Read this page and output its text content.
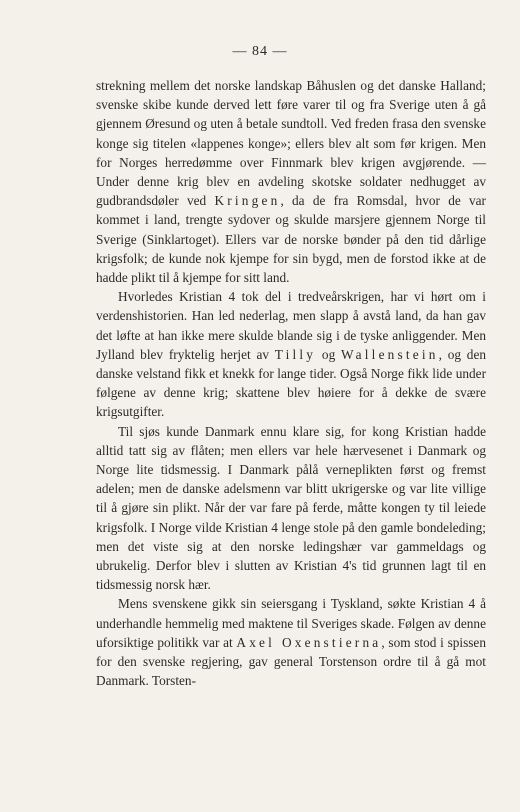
— 84 —

strekning mellem det norske landskap Båhuslen og det danske Halland; svenske skibe kunde derved lett føre varer til og fra Sverige uten å gå gjennem Øresund og uten å betale sundtoll. Ved freden frasa den svenske konge sig titelen «lappenes konge»; ellers blev alt som før krigen. Men for Norges herredømme over Finnmark blev krigen avgjørende. — Under denne krig blev en avdeling skotske soldater nedhugget av gudbrandsdøler ved Kringen, da de fra Romsdal, hvor de var kommet i land, trengte sydover og skulde marsjere gjennem Norge til Sverige (Sinklartoget). Ellers var de norske bønder på den tid dårlige krigsfolk; de kunde nok kjempe for sin bygd, men de forstod ikke at de hadde plikt til å kjempe for sitt land.

Hvorledes Kristian 4 tok del i tredveårskrigen, har vi hørt om i verdenshistorien. Han led nederlag, men slapp å avstå land, da han gav det løfte at han ikke mere skulde blande sig i de tyske anliggender. Men Jylland blev fryktelig herjet av Tilly og Wallenstein, og den danske velstand fikk et knekk for lange tider. Også Norge fikk lide under følgene av denne krig; skattene blev høiere for å dekke de svære krigsutgifter.

Til sjøs kunde Danmark ennu klare sig, for kong Kristian hadde alltid tatt sig av flåten; men ellers var hele hærvesenet i Danmark og Norge lite tidsmessig. I Danmark pålå verneplikten først og fremst adelen; men de danske adelsmenn var blitt ukrigerske og var lite villige til å gjøre sin plikt. Når der var fare på ferde, måtte kongen ty til leiede krigsfolk. I Norge vilde Kristian 4 lenge stole på den gamle bondeleding; men det viste sig at den norske ledingshær var gammeldags og ubrukelig. Derfor blev i slutten av Kristian 4's tid grunnen lagt til en tidsmessig norsk hær.

Mens svenskene gikk sin seiersgang i Tyskland, søkte Kristian 4 å underhandle hemmelig med maktene til Sveriges skade. Følgen av denne uforsiktige politikk var at Axel Oxenstierna, som stod i spissen for den svenske regjering, gav general Torstenson ordre til å gå mot Danmark. Torsten-
